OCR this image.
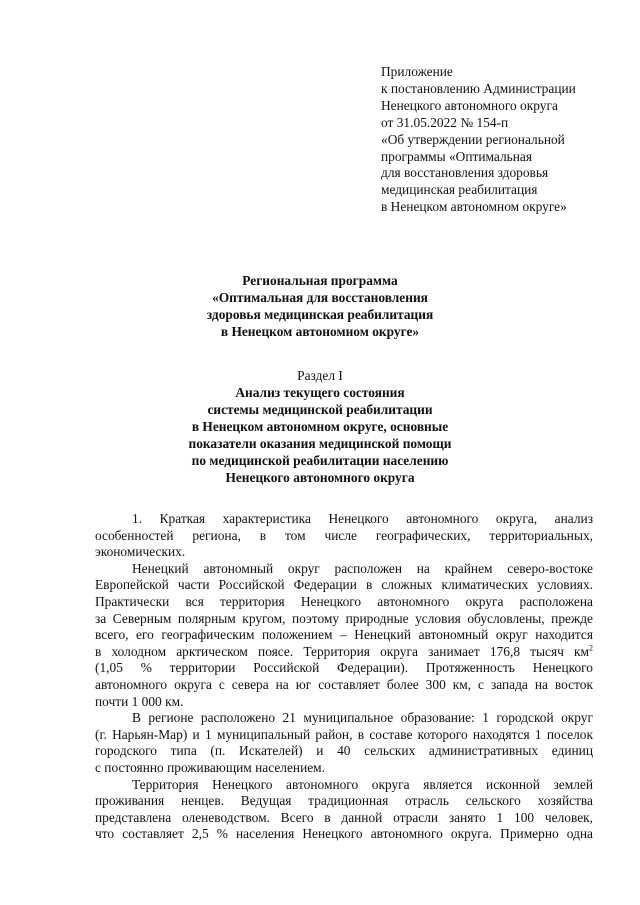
Приложение
к постановлению Администрации
Ненецкого автономного округа
от 31.05.2022 № 154-п
«Об утверждении региональной
программы «Оптимальная
для восстановления здоровья
медицинская реабилитация
в Ненецком автономном округе»
Региональная программа
«Оптимальная для восстановления
здоровья медицинская реабилитация
в Ненецком автономном округе»
Раздел I
Анализ текущего состояния
системы медицинской реабилитации
в Ненецком автономном округе, основные
показатели оказания медицинской помощи
по медицинской реабилитации населению
Ненецкого автономного округа
1. Краткая характеристика Ненецкого автономного округа, анализ
особенностей региона, в том числе географических, территориальных,
экономических.
Ненецкий автономный округ расположен на крайнем северо-востоке
Европейской части Российской Федерации в сложных климатических условиях.
Практически вся территория Ненецкого автономного округа расположена
за Северным полярным кругом, поэтому природные условия обусловлены, прежде
всего, его географическим положением – Ненецкий автономный округ находится
в холодном арктическом поясе. Территория округа занимает 176,8 тысяч $км^2$
(1,05 % территории Российской Федерации). Протяженность Ненецкого
автономного округа с севера на юг составляет более 300 км, с запада на восток
почти 1 000 км.
В регионе расположено 21 муниципальное образование: 1 городской округ
(г. Нарьян-Мар) и 1 муниципальный район, в составе которого находятся 1 поселок
городского типа (п. Искателей) и 40 сельских административных единиц
с постоянно проживающим населением.
Территория Ненецкого автономного округа является исконной землей
проживания ненцев. Ведущая традиционная отрасль сельского хозяйства
представлена оленеводством. Всего в данной отрасли занято 1 100 человек,
что составляет 2,5 % населения Ненецкого автономного округа. Примерно одна
